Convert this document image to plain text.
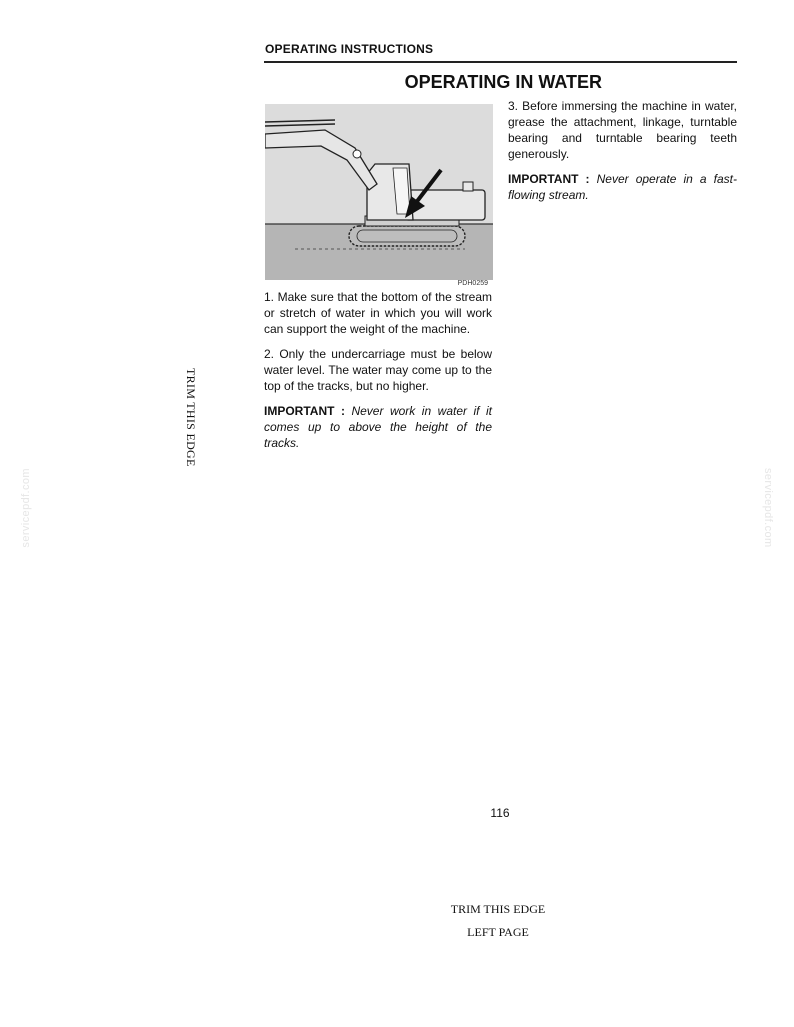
OPERATING INSTRUCTIONS
OPERATING IN WATER
PDH0259

1. Make sure that the bottom of the stream or stretch of water in which you will work can support the weight of the machine.

2. Only the undercarriage must be below water level. The water may come up to the top of the tracks, but no higher.

IMPORTANT : Never work in water if it comes up to above the height of the tracks.

3. Before immersing the machine in water, grease the attachment, linkage, turntable bearing and turntable bearing teeth generously.

IMPORTANT : Never operate in a fast-flowing stream.

116
TRIM THIS EDGE
TRIM THIS EDGE
LEFT PAGE
servicepdf.com	servicepdf.com
